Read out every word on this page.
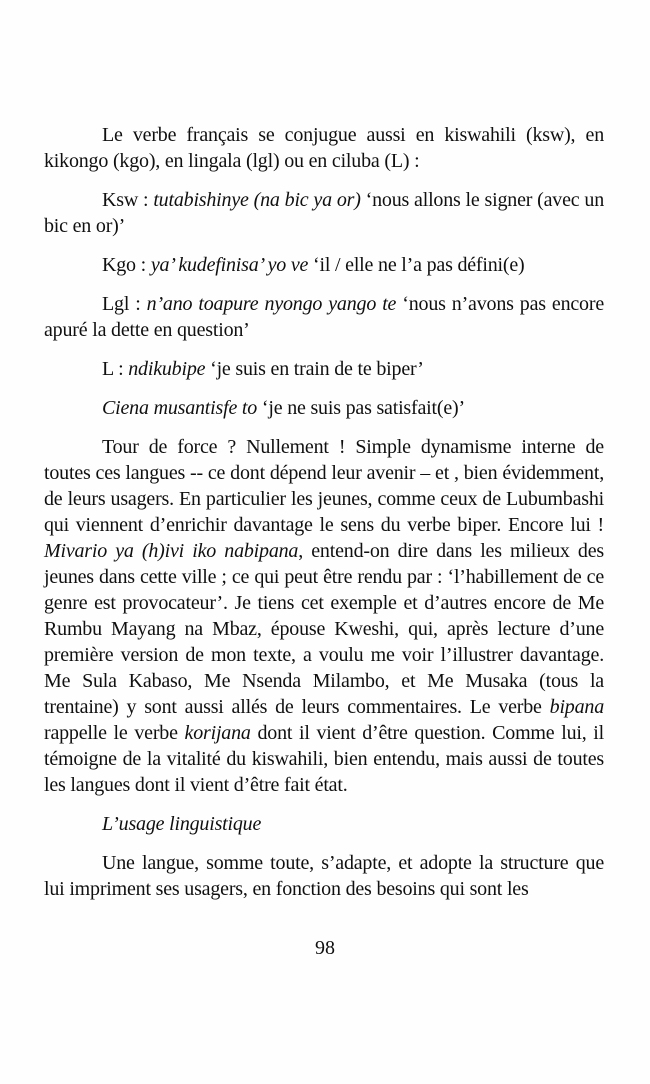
Le verbe français se conjugue aussi en kiswahili (ksw), en kikongo (kgo), en lingala (lgl) ou en ciluba (L) :

Ksw : tutabishinye (na bic ya or) ‘nous allons le signer (avec un bic en or)’

Kgo : ya’ kudefinisa’ yo ve ‘il / elle ne l’a pas défini(e)

Lgl : n’ano toapure nyongo yango te ‘nous n’avons pas encore apuré la dette en question’

L : ndikubipe ‘je suis en train de te biper’

Ciena musantisfe to ‘je ne suis pas satisfait(e)’

Tour de force ? Nullement ! Simple dynamisme interne de toutes ces langues -- ce dont dépend leur avenir – et , bien évidemment, de leurs usagers. En particulier les jeunes, comme ceux de Lubumbashi qui viennent d’enrichir davantage le sens du verbe biper. Encore lui ! Mivario ya (h)ivi iko nabipana, entend-on dire dans les milieux des jeunes dans cette ville ; ce qui peut être rendu par : ‘l’habillement de ce genre est provocateur’. Je tiens cet exemple et d’autres encore de Me Rumbu Mayang na Mbaz, épouse Kweshi, qui, après lecture d’une première version de mon texte, a voulu me voir l’illustrer davantage. Me Sula Kabaso, Me Nsenda Milambo, et Me Musaka (tous la trentaine) y sont aussi allés de leurs commentaires. Le verbe bipana rappelle le verbe korijana dont il vient d’être question. Comme lui, il témoigne de la vitalité du kiswahili, bien entendu, mais aussi de toutes les langues dont il vient d’être fait état.

L’usage linguistique

Une langue, somme toute, s’adapte, et adopte la structure que lui impriment ses usagers, en fonction des besoins qui sont les

98
